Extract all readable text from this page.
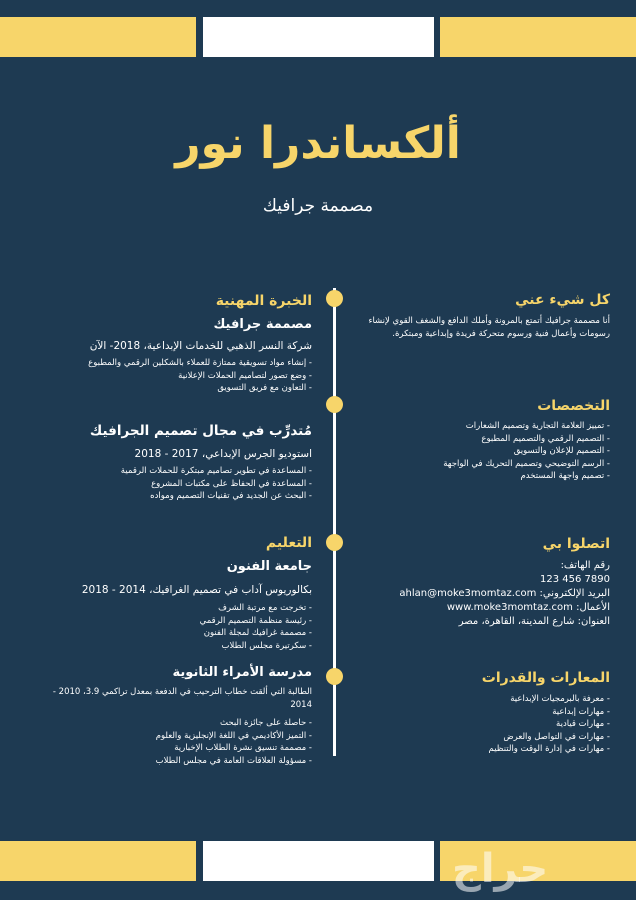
ألكساندرا نور
مصممة جرافيك

الخبرة المهنية

مصممة جرافيك

شركة النسر الذهبي للخدمات الإبداعية، 2018- الآن

- إنشاء مواد تسويقية ممتازة للعملاء بالشكلين الرقمي والمطبوع
- وضع تصور لتصاميم الحملات الإعلانية
- التعاون مع فريق التسويق

مُتدرِّب في مجال تصميم الجرافيك

استوديو الجرس الإبداعي، 2017 - 2018

- المساعدة في تطوير تصاميم مبتكرة للحملات الرقمية
- المساعدة في الحفاظ على مكتبات المشروع
- البحث عن الجديد في تقنيات التصميم ومواده

التعليم

جامعة الفنون

بكالوريوس آداب في تصميم الغرافيك، 2014 - 2018

- تخرجت مع مرتبة الشرف
- رئيسة منظمة التصميم الرقمي
- مصممة غرافيك لمجلة الفنون
- سكرتيرة مجلس الطلاب

مدرسة الأمراء الثانوية

الطالبة التي ألقت خطاب الترحيب في الدفعة بمعدل تراكمي 3.9، 2010 - 2014

- حاصلة على جائزة البحث
- التميز الأكاديمي في اللغة الإنجليزية والعلوم
- مصممة تنسيق نشرة الطلاب الإخبارية
- مسؤولة العلاقات العامة في مجلس الطلاب

كل شيء عني

أنا مصممة جرافيك أتمتع بالمرونة وأملك الدافع والشغف القوي لإنشاء رسومات وأعمال فنية ورسوم متحركة فريدة وإبداعية ومبتكرة.

التخصصات

- تمييز العلامة التجارية وتصميم الشعارات
- التصميم الرقمي والتصميم المطبوع
- التصميم للإعلان والتسويق
- الرسم التوضيحي وتصميم التحريك في الواجهة
- تصميم واجهة المستخدم

اتصلوا بي

رقم الهاتف:
123 456 7890
البريد الإلكتروني: ahlan@moke3momtaz.com
الأعمال: www.moke3momtaz.com
العنوان: شارع المدينة، القاهرة، مصر

المعارات والقدرات

- معرفة بالبرمجيات الإبداعية
- مهارات إبداعية
- مهارات قيادية
- مهارات في التواصل والعرض
- مهارات في إدارة الوقت والتنظيم
حراج
